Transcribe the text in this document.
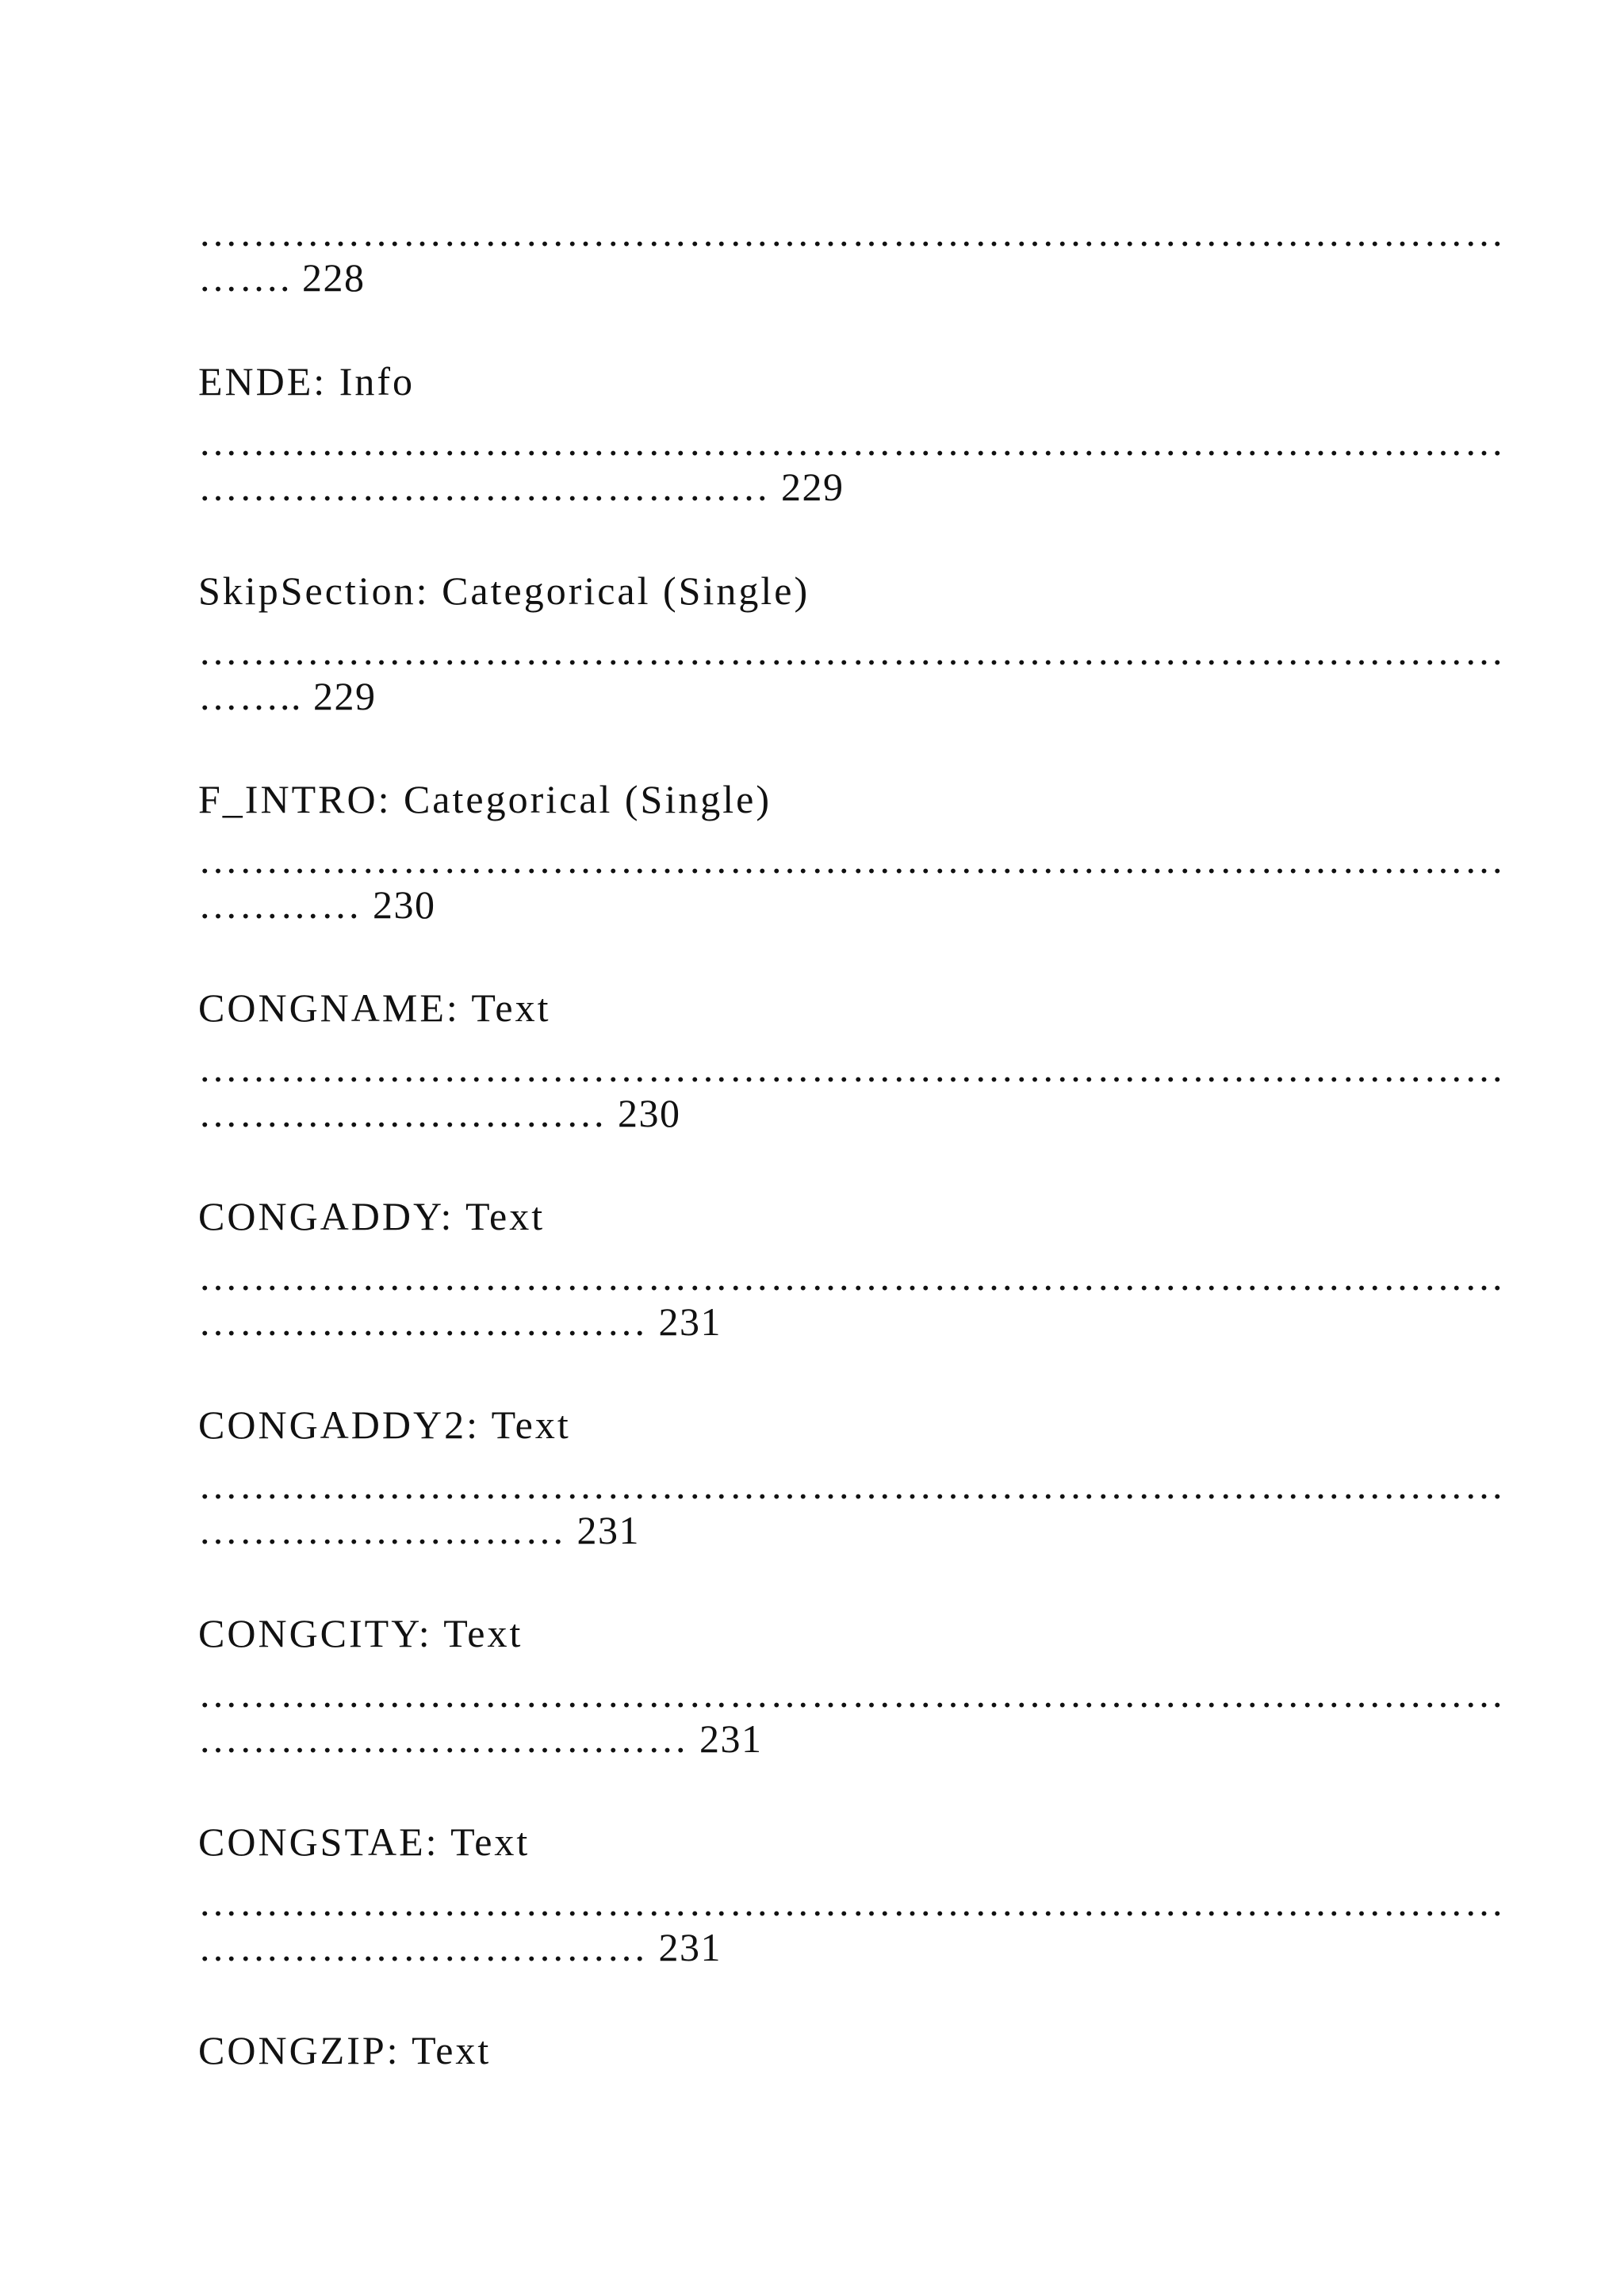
……………………………………………………………………………………
……. 228
ENDE: Info
……………………………………………………………………………………
…………………………………… 229
SkipSection: Categorical (Single)
……………………………………………………………………………………
…….. 229
F_INTRO: Categorical (Single)
……………………………………………………………………………………
………… 230
CONGNAME: Text
……………………………………………………………………………………
………………………… 230
CONGADDY: Text
……………………………………………………………………………………
…………………………… 231
CONGADDY2: Text
……………………………………………………………………………………
……………………… 231
CONGCITY: Text
……………………………………………………………………………………
……………………………… 231
CONGSTAE: Text
……………………………………………………………………………………
…………………………… 231
CONGZIP: Text
